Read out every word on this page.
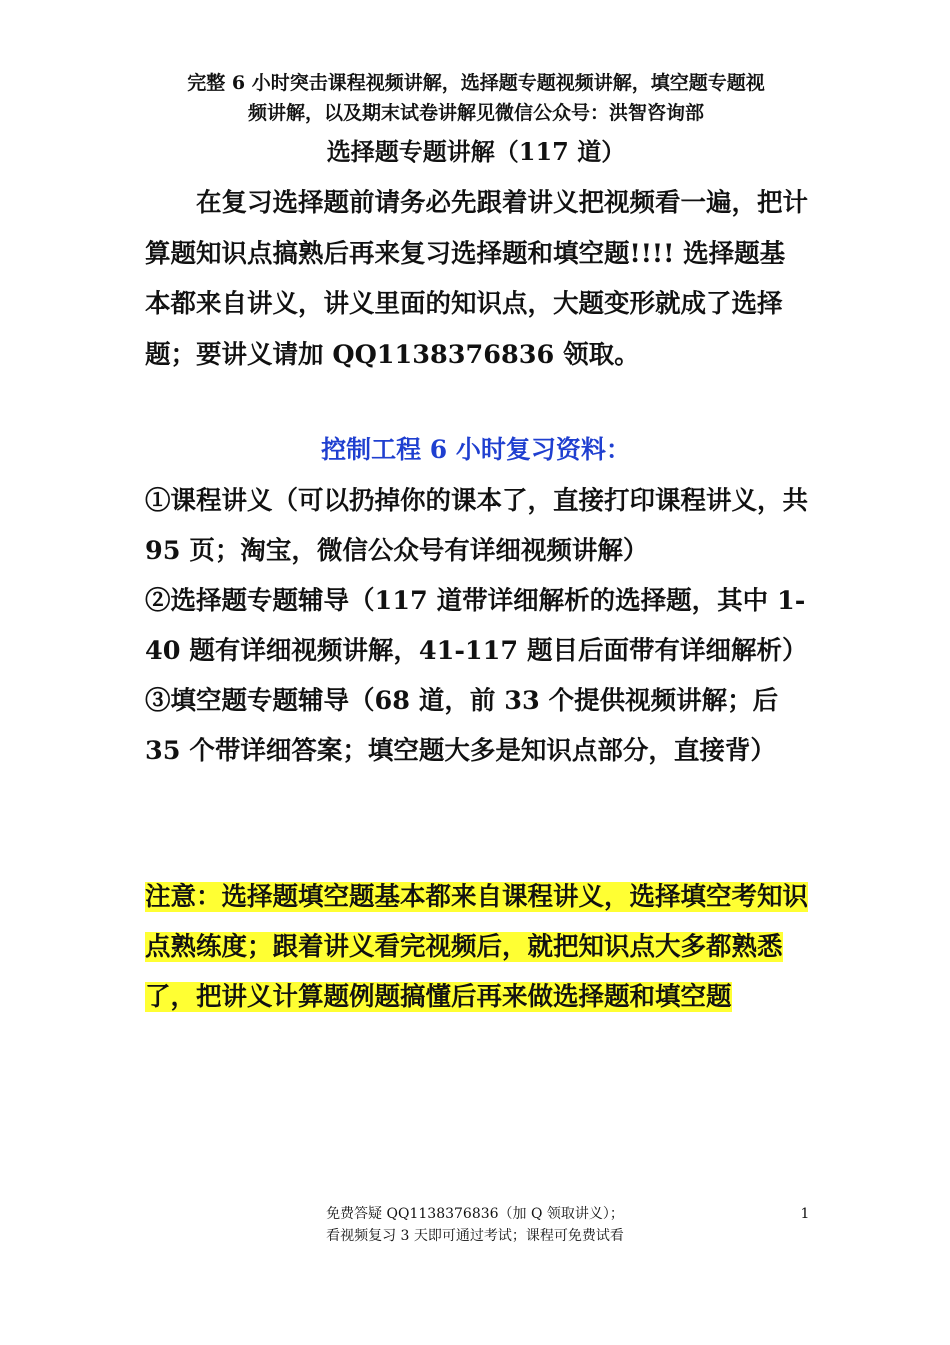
完整 6 小时突击课程视频讲解，选择题专题视频讲解，填空题专题视
频讲解，以及期末试卷讲解见微信公众号：洪智咨询部
选择题专题讲解（117 道）
在复习选择题前请务必先跟着讲义把视频看一遍，把计算题知识点搞熟后再来复习选择题和填空题!!!! 选择题基本都来自讲义，讲义里面的知识点，大题变形就成了选择题；要讲义请加 QQ1138376836 领取。
控制工程 6 小时复习资料：

①课程讲义（可以扔掉你的课本了，直接打印课程讲义，共 95 页；淘宝，微信公众号有详细视频讲解）

②选择题专题辅导（117 道带详细解析的选择题，其中 1-40 题有详细视频讲解，41-117 题目后面带有详细解析）

③填空题专题辅导（68 道，前 33 个提供视频讲解；后 35 个带详细答案；填空题大多是知识点部分，直接背）

注意：选择题填空题基本都来自课程讲义，选择填空考知识点熟练度；跟着讲义看完视频后，就把知识点大多都熟悉了，把讲义计算题例题搞懂后再来做选择题和填空题
免费答疑 QQ1138376836（加 Q 领取讲义）；
看视频复习 3 天即可通过考试；课程可免费试看
1
